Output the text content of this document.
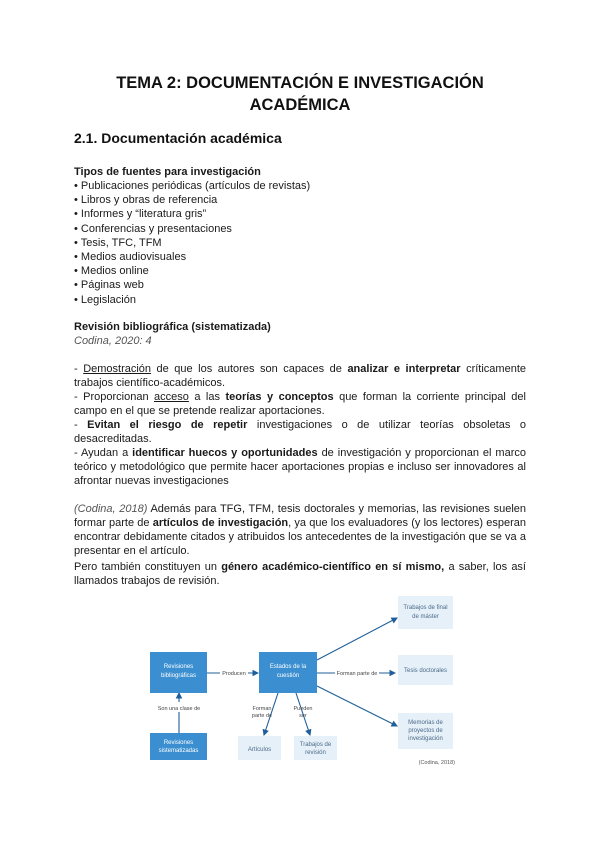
TEMA 2: DOCUMENTACIÓN E INVESTIGACIÓN
ACADÉMICA
2.1. Documentación académica
Tipos de fuentes para investigación
• Publicaciones periódicas (artículos de revistas)
• Libros y obras de referencia
• Informes y “literatura gris”
• Conferencias y presentaciones
• Tesis, TFC, TFM
• Medios audiovisuales
• Medios online
• Páginas web
• Legislación
Revisión bibliográfica (sistematizada)
Codina, 2020: 4
- Demostración de que los autores son capaces de analizar e interpretar críticamente trabajos científico-académicos.
- Proporcionan acceso a las teorías y conceptos que forman la corriente principal del campo en el que se pretende realizar aportaciones.
- Evitan el riesgo de repetir investigaciones o de utilizar teorías obsoletas o desacreditadas.
- Ayudan a identificar huecos y oportunidades de investigación y proporcionan el marco teórico y metodológico que permite hacer aportaciones propias e incluso ser innovadores al afrontar nuevas investigaciones
(Codina, 2018) Además para TFG, TFM, tesis doctorales y memorias, las revisiones suelen formar parte de artículos de investigación, ya que los evaluadores (y los lectores) esperan encontrar debidamente citados y atribuidos los antecedentes de la investigación que se va a presentar en el artículo.
Pero también constituyen un género académico-científico en sí mismo, a saber, los así llamados trabajos de revisión.
Revisiones
bibliográficas
Estados de la
cuestión
Revisiones
sistematizadas
Trabajos de final
de máster
Tesis doctorales
Memorias de
proyectos de
investigación
Artículos
Trabajos de
revisión
Producen	Forman parte de
Son una clase de	Forman
parte de
Pueden
ser
(Codina, 2018)
